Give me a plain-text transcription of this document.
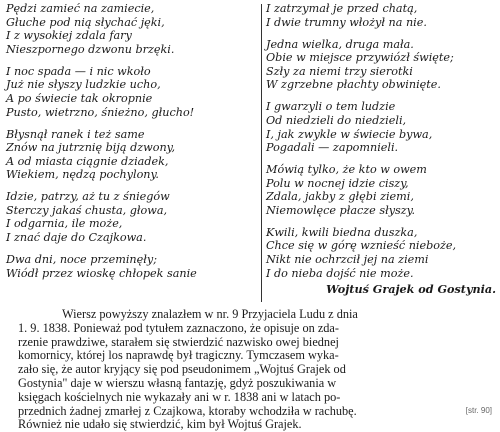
Pędzi zamieć na zamiecie,
Głuche pod nią słychać jęki,
I z wysokiej zdala fary
Nieszpornego dzwonu brzęki.
I noc spada — i nic wkoło
Już nie słyszy ludzkie ucho,
A po świecie tak okropnie
Pusto, wietrzno, śnieżno, głucho!
Błysnął ranek i też same
Znów na jutrznię biją dzwony,
A od miasta ciągnie dziadek,
Wiekiem, nędzą pochylony.
Idzie, patrzy, aż tu z śniegów
Sterczy jakaś chusta, głowa,
I odgarnia, ile może,
I znać daje do Czajkowa.
Dwa dni, noce przeminęły;
Wiódł przez wioskę chłopek sanie
I zatrzymał je przed chatą,
I dwie trumny włożył na nie.
Jedna wielka, druga mała.
Obie w miejsce przywiózł święte;
Szły za niemi trzy sierotki
W zgrzebne płachty obwinięte.
I gwarzyli o tem ludzie
Od niedzieli do niedzieli,
I, jak zwykle w świecie bywa,
Pogadali — zapomnieli.
Mówią tylko, że kto w owem
Polu w nocnej idzie ciszy,
Zdala, jakby z głębi ziemi,
Niemowlęce płacze słyszy.
Kwili, kwili biedna duszka,
Chce się w górę wznieść nieboże,
Nikt nie ochrzcił jej na ziemi
I do nieba dojść nie może.
Wojtuś Grajek od Gostynia.
Wiersz powyższy znalazłem w nr. 9 Przyjaciela Ludu z dnia
1. 9. 1838. Ponieważ pod tytułem zaznaczono, że opisuje on zda-
rzenie prawdziwe, starałem się stwierdzić nazwisko owej biednej
komornicy, której los naprawdę był tragiczny. Tymczasem wyka-
zało się, że autor kryjący się pod pseudonimem „Wojtuś Grajek od
Gostynia" daje w wierszu własną fantazję, gdyż poszukiwania w
księgach kościelnych nie wykazały ani w r. 1838 ani w latach po-
przednich żadnej zmarłej z Czajkowa, ktoraby wchodziła w rachubę.
Również nie udało się stwierdzić, kim był Wojtuś Grajek.
[str. 90]
